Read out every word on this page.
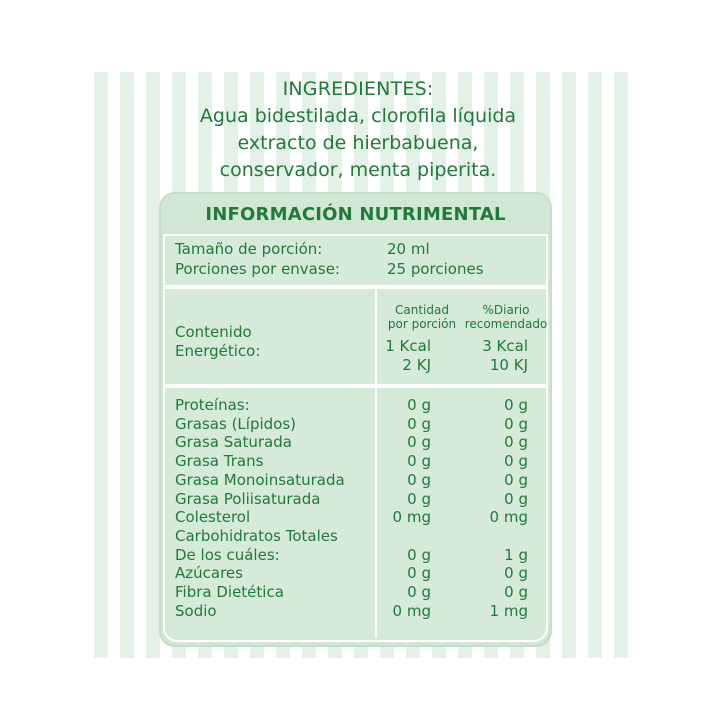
INGREDIENTES:
Agua bidestilada, clorofila líquida
extracto de hierbabuena,
conservador, menta piperita.
INFORMACIÓN NUTRIMENTAL
Tamaño de porción:	20 ml
Porciones por envase:	25 porciones
Cantidad
por porción
%Diario
recomendado
Contenido
Energético:	1 Kcal	3 Kcal
2 KJ	10 KJ
Proteínas:	0 g	0 g
Grasas (Lípidos)	0 g	0 g
Grasa Saturada	0 g	0 g
Grasa Trans	0 g	0 g
Grasa Monoinsaturada	0 g	0 g
Grasa Poliisaturada	0 g	0 g
Colesterol	0 mg	0 mg
Carbohidratos Totales
De los cuáles:	0 g	1 g
Azúcares	0 g	0 g
Fibra Dietética	0 g	0 g
Sodio	0 mg	1 mg
